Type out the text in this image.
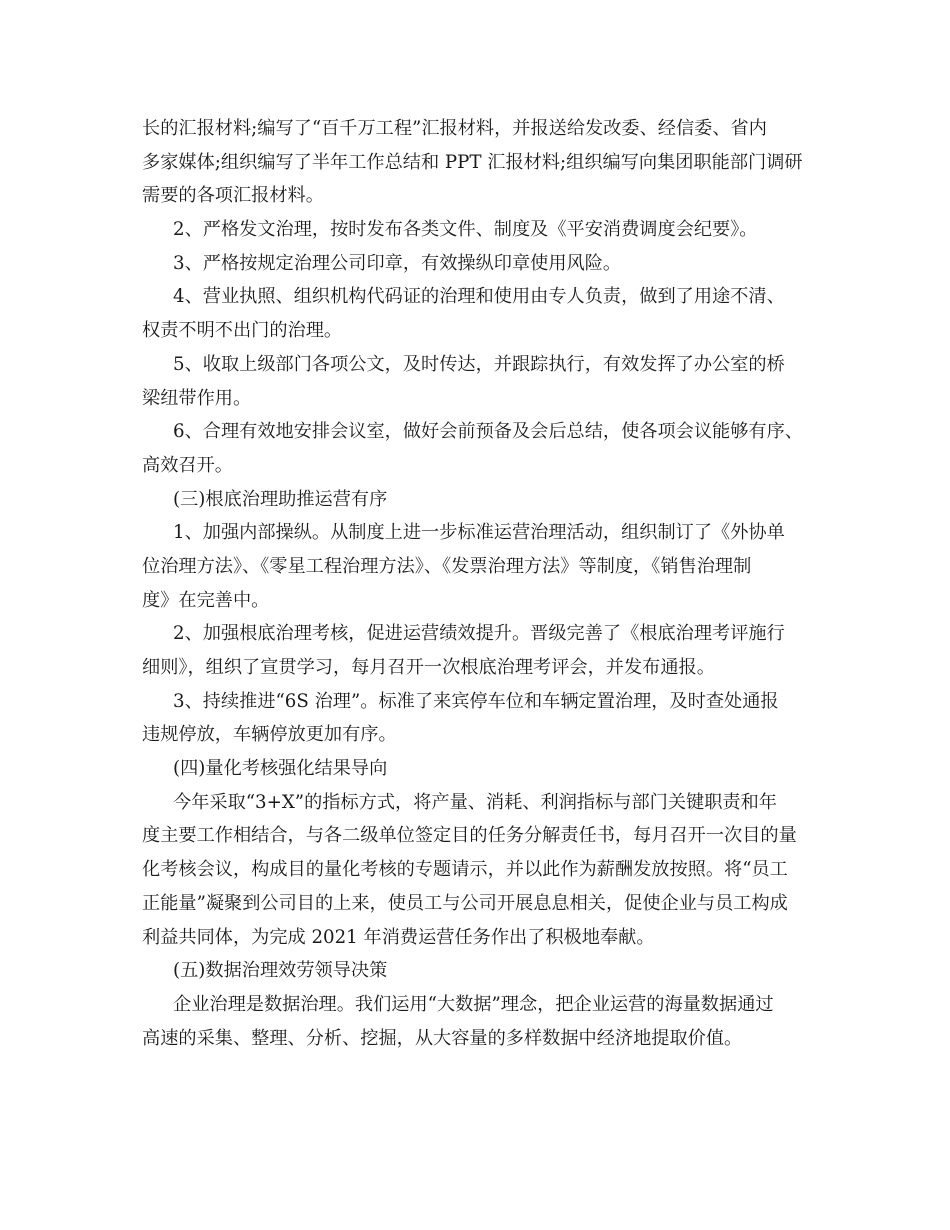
长的汇报材料;编写了“百千万工程”汇报材料，并报送给发改委、经信委、省内
多家媒体;组织编写了半年工作总结和 PPT 汇报材料;组织编写向集团职能部门调研
需要的各项汇报材料。
2、严格发文治理，按时发布各类文件、制度及《平安消费调度会纪要》。
3、严格按规定治理公司印章，有效操纵印章使用风险。
4、营业执照、组织机构代码证的治理和使用由专人负责，做到了用途不清、
权责不明不出门的治理。
5、收取上级部门各项公文，及时传达，并跟踪执行，有效发挥了办公室的桥
梁纽带作用。
6、合理有效地安排会议室，做好会前预备及会后总结，使各项会议能够有序、
高效召开。
(三)根底治理助推运营有序
1、加强内部操纵。从制度上进一步标准运营治理活动，组织制订了《外协单
位治理方法》、《零星工程治理方法》、《发票治理方法》等制度，《销售治理制
度》在完善中。
2、加强根底治理考核，促进运营绩效提升。晋级完善了《根底治理考评施行
细则》，组织了宣贯学习，每月召开一次根底治理考评会，并发布通报。
3、持续推进“6S 治理”。标准了来宾停车位和车辆定置治理，及时查处通报
违规停放，车辆停放更加有序。
(四)量化考核强化结果导向
今年采取“3+X”的指标方式，将产量、消耗、利润指标与部门关键职责和年
度主要工作相结合，与各二级单位签定目的任务分解责任书，每月召开一次目的量
化考核会议，构成目的量化考核的专题请示，并以此作为薪酬发放按照。将“员工
正能量”凝聚到公司目的上来，使员工与公司开展息息相关，促使企业与员工构成
利益共同体，为完成 2021 年消费运营任务作出了积极地奉献。
(五)数据治理效劳领导决策
企业治理是数据治理。我们运用“大数据”理念，把企业运营的海量数据通过
高速的采集、整理、分析、挖掘，从大容量的多样数据中经济地提取价值。
